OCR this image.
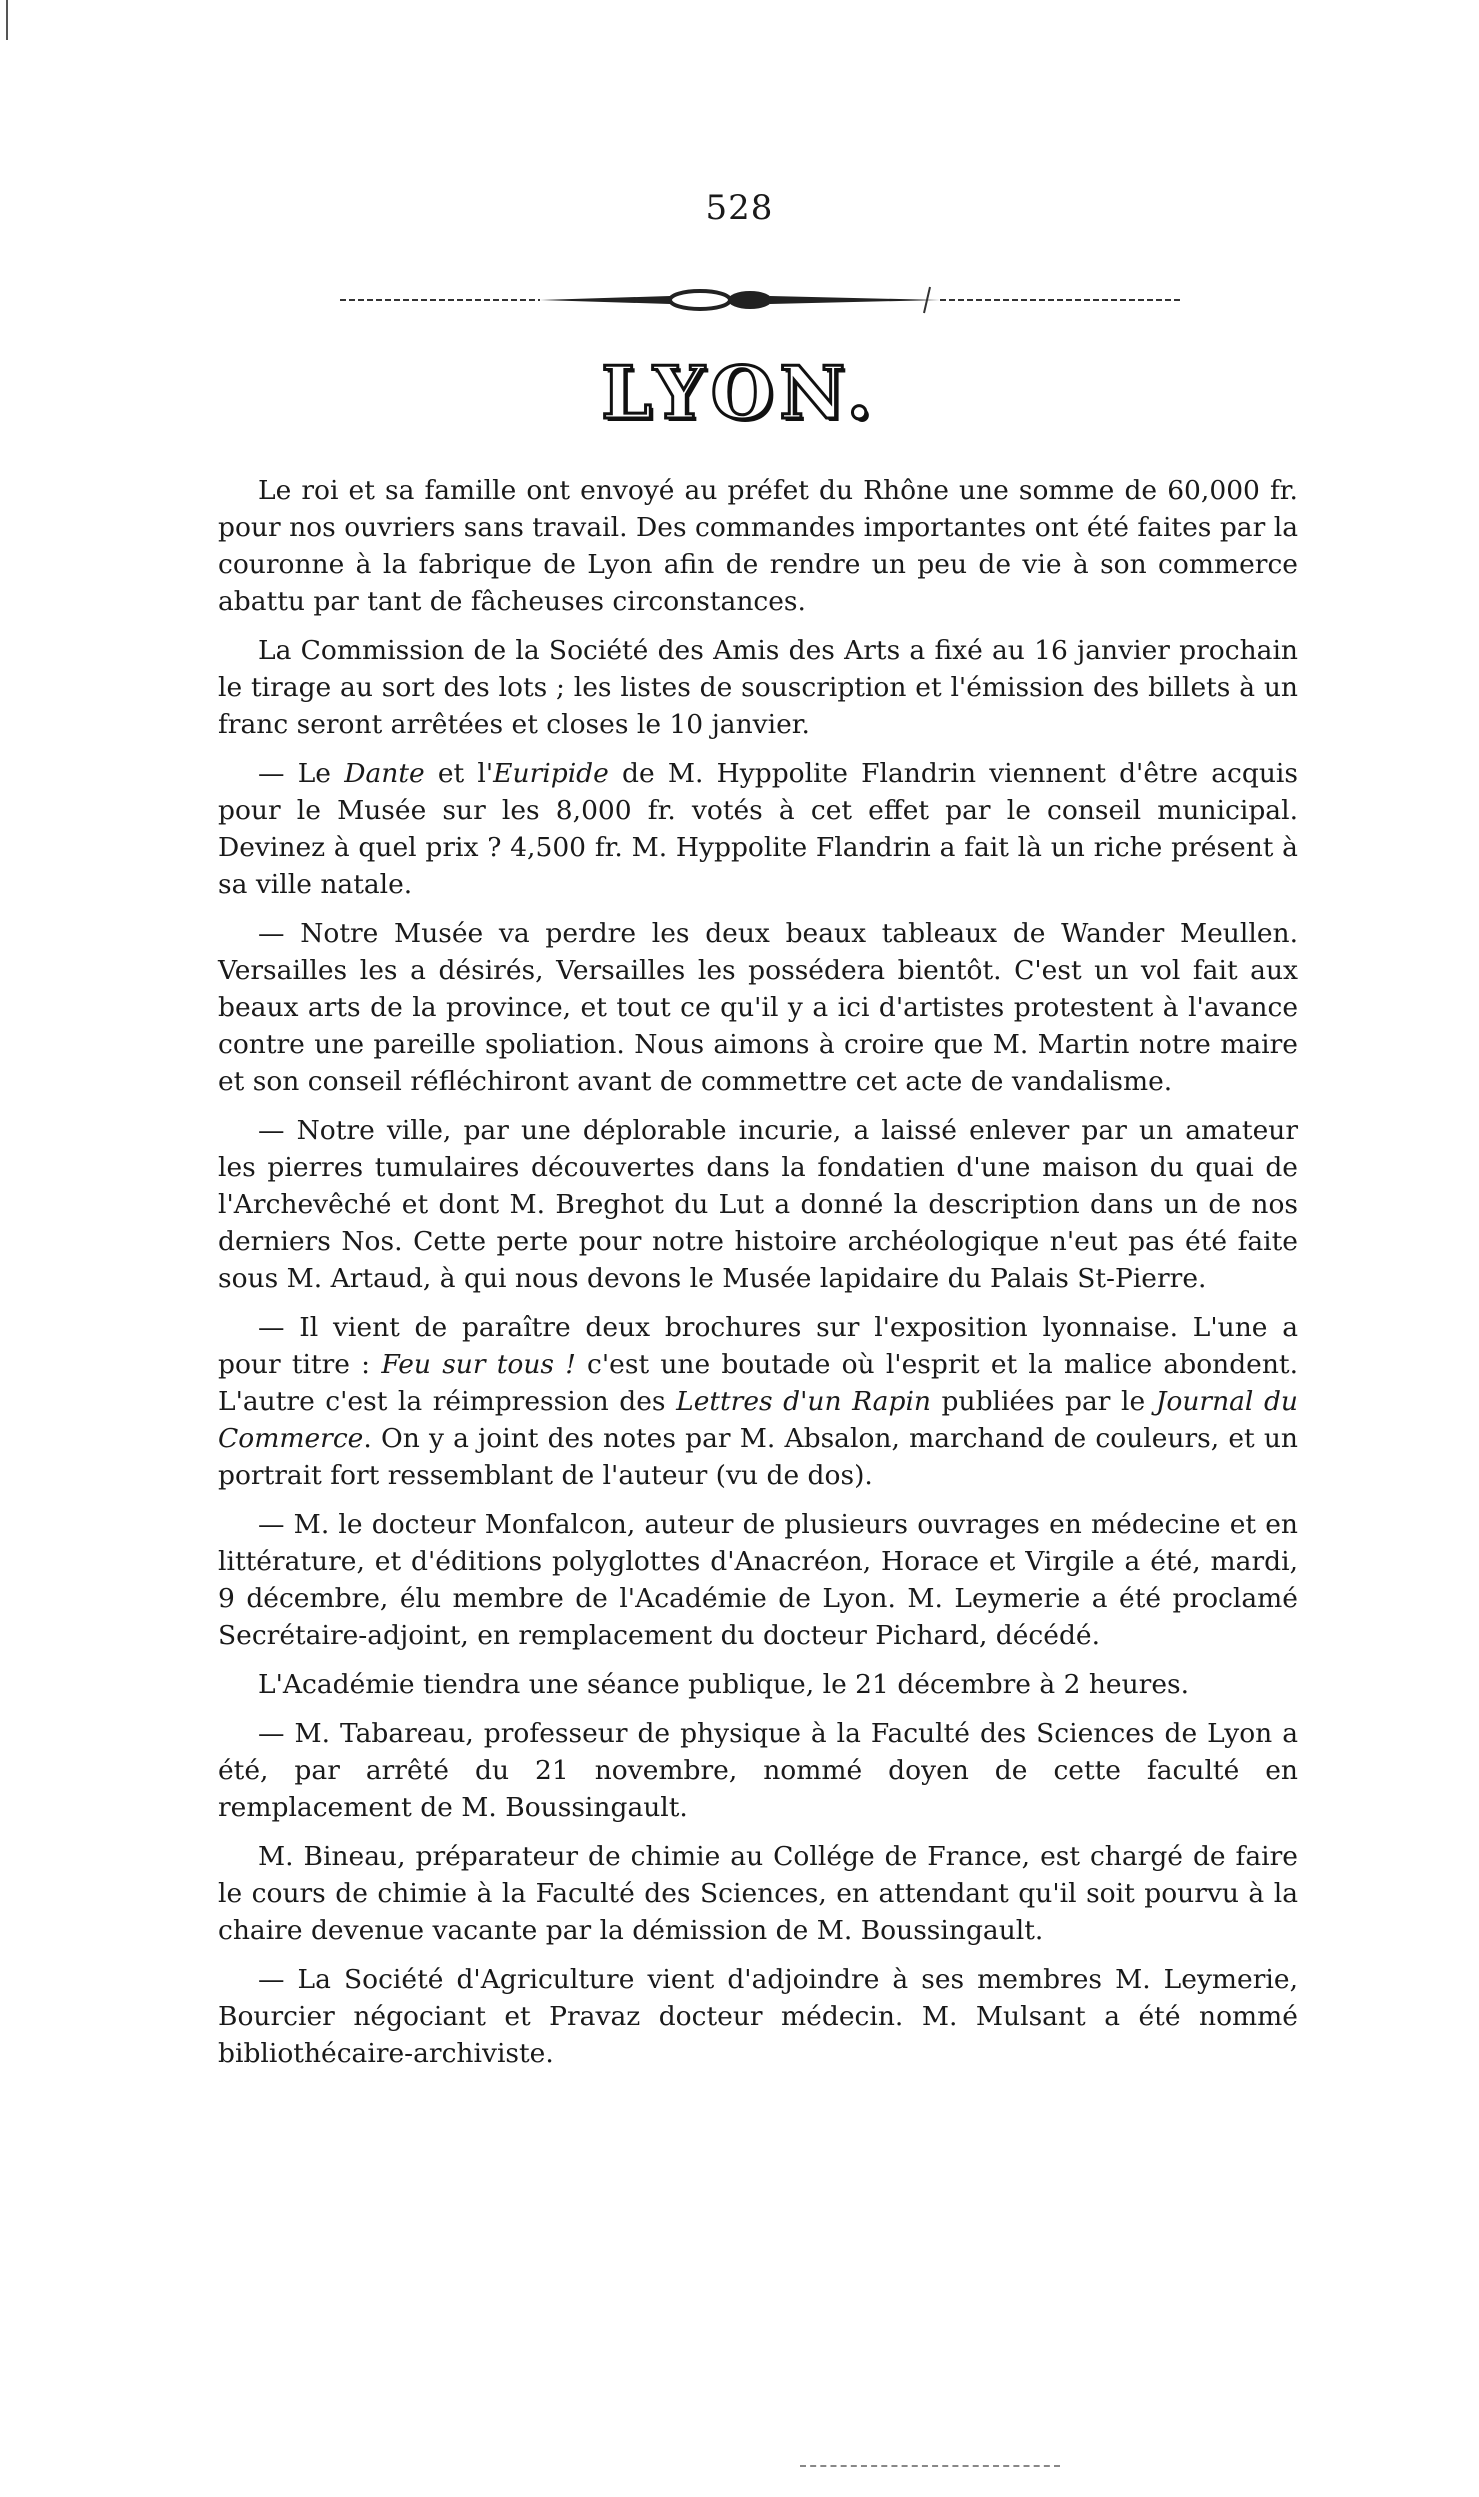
528
LYON.

Le roi et sa famille ont envoyé au préfet du Rhône une somme de 60,000 fr. pour nos ouvriers sans travail. Des commandes importantes ont été faites par la couronne à la fabrique de Lyon afin de rendre un peu de vie à son commerce abattu par tant de fâcheuses circonstances.

La Commission de la Société des Amis des Arts a fixé au 16 janvier prochain le tirage au sort des lots ; les listes de souscription et l'émission des billets à un franc seront arrêtées et closes le 10 janvier.

— Le Dante et l'Euripide de M. Hyppolite Flandrin viennent d'être acquis pour le Musée sur les 8,000 fr. votés à cet effet par le conseil municipal. Devinez à quel prix ? 4,500 fr. M. Hyppolite Flandrin a fait là un riche présent à sa ville natale.

— Notre Musée va perdre les deux beaux tableaux de Wander Meullen. Versailles les a désirés, Versailles les possédera bientôt. C'est un vol fait aux beaux arts de la province, et tout ce qu'il y a ici d'artistes protestent à l'avance contre une pareille spoliation. Nous aimons à croire que M. Martin notre maire et son conseil réfléchiront avant de commettre cet acte de vandalisme.

— Notre ville, par une déplorable incurie, a laissé enlever par un amateur les pierres tumulaires découvertes dans la fondatien d'une maison du quai de l'Archevêché et dont M. Breghot du Lut a donné la description dans un de nos derniers Nos. Cette perte pour notre histoire archéologique n'eut pas été faite sous M. Artaud, à qui nous devons le Musée lapidaire du Palais St-Pierre.

— Il vient de paraître deux brochures sur l'exposition lyonnaise. L'une a pour titre : Feu sur tous ! c'est une boutade où l'esprit et la malice abondent. L'autre c'est la réimpression des Lettres d'un Rapin publiées par le Journal du Commerce. On y a joint des notes par M. Absalon, marchand de couleurs, et un portrait fort ressemblant de l'auteur (vu de dos).

— M. le docteur Monfalcon, auteur de plusieurs ouvrages en médecine et en littérature, et d'éditions polyglottes d'Anacréon, Horace et Virgile a été, mardi, 9 décembre, élu membre de l'Académie de Lyon. M. Leymerie a été proclamé Secrétaire-adjoint, en remplacement du docteur Pichard, décédé.

L'Académie tiendra une séance publique, le 21 décembre à 2 heures.

— M. Tabareau, professeur de physique à la Faculté des Sciences de Lyon a été, par arrêté du 21 novembre, nommé doyen de cette faculté en remplacement de M. Boussingault.

M. Bineau, préparateur de chimie au Collége de France, est chargé de faire le cours de chimie à la Faculté des Sciences, en attendant qu'il soit pourvu à la chaire devenue vacante par la démission de M. Boussingault.

— La Société d'Agriculture vient d'adjoindre à ses membres M. Leymerie, Bourcier négociant et Pravaz docteur médecin. M. Mulsant a été nommé bibliothécaire-archiviste.
